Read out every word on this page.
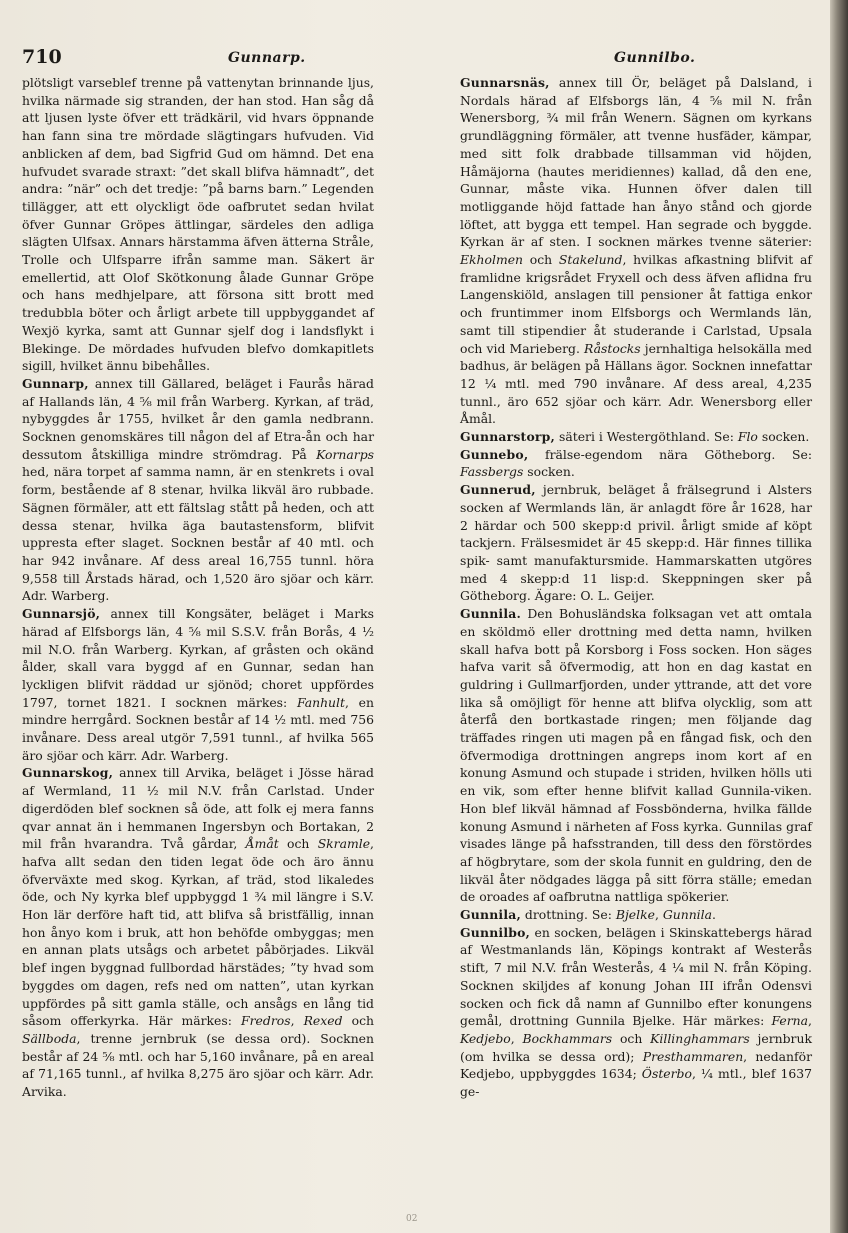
710	Gunnarp.	Gunnilbo.

plötsligt varseblef trenne på vattenytan brinnande ljus, hvilka närmade sig stranden, der han stod. Han såg då att ljusen lyste öfver ett trädkäril, vid hvars öppnande han fann sina tre mördade slägtingars hufvuden. Vid anblicken af dem, bad Sigfrid Gud om hämnd. Det ena hufvudet svarade straxt: ”det skall blifva hämnadt”, det andra: ”när” och det tredje: ”på barns barn.” Legenden tillägger, att ett olyckligt öde oafbrutet sedan hvilat öfver Gunnar Gröpes ättlingar, särdeles den adliga slägten Ulfsax. Annars härstamma äfven ätterna Stråle, Trolle och Ulfsparre ifrån samme man. Säkert är emellertid, att Olof Skötkonung ålade Gunnar Gröpe och hans medhjelpare, att försona sitt brott med tredubbla böter och årligt arbete till uppbyggandet af Wexjö kyrka, samt att Gunnar sjelf dog i landsflykt i Blekinge. De mördades hufvuden blefvo domkapitlets sigill, hvilket ännu bibehålles.

Gunnarp, annex till Gällared, beläget i Faurås härad af Hallands län, 4 ⅝ mil från Warberg. Kyrkan, af träd, nybyggdes år 1755, hvilket år den gamla nedbrann. Socknen genomskäres till någon del af Etra-ån och har dessutom åtskilliga mindre strömdrag. På Kornarps hed, nära torpet af samma namn, är en stenkrets i oval form, bestående af 8 stenar, hvilka likväl äro rubbade. Sägnen förmäler, att ett fältslag stått på heden, och att dessa stenar, hvilka äga bautastensform, blifvit uppresta efter slaget. Socknen består af 40 mtl. och har 942 invånare. Af dess areal 16,755 tunnl. höra 9,558 till Årstads härad, och 1,520 äro sjöar och kärr. Adr. Warberg.

Gunnarsjö, annex till Kongsäter, beläget i Marks härad af Elfsborgs län, 4 ⅝ mil S.S.V. från Borås, 4 ½ mil N.O. från Warberg. Kyrkan, af gråsten och okänd ålder, skall vara byggd af en Gunnar, sedan han lyckligen blifvit räddad ur sjönöd; choret uppfördes 1797, tornet 1821. I socknen märkes: Fanhult, en mindre herrgård. Socknen består af 14 ½ mtl. med 756 invånare. Dess areal utgör 7,591 tunnl., af hvilka 565 äro sjöar och kärr. Adr. Warberg.

Gunnarskog, annex till Arvika, beläget i Jösse härad af Wermland, 11 ½ mil N.V. från Carlstad. Under digerdöden blef socknen så öde, att folk ej mera fanns qvar annat än i hemmanen Ingersbyn och Bortakan, 2 mil från hvarandra. Två gårdar, Åmåt och Skramle, hafva allt sedan den tiden legat öde och äro ännu öfverväxte med skog. Kyrkan, af träd, stod likaledes öde, och Ny kyrka blef uppbyggd 1 ¾ mil längre i S.V. Hon lär derföre haft tid, att blifva så bristfällig, innan hon ånyo kom i bruk, att hon behöfde ombyggas; men en annan plats utsågs och arbetet påbörjades. Likväl blef ingen byggnad fullbordad härstädes; ”ty hvad som byggdes om dagen, refs ned om natten”, utan kyrkan uppfördes på sitt gamla ställe, och ansågs en lång tid såsom offerkyrka. Här märkes: Fredros, Rexed och Sällboda, trenne jernbruk (se dessa ord). Socknen består af 24 ⅝ mtl. och har 5,160 invånare, på en areal af 71,165 tunnl., af hvilka 8,275 äro sjöar och kärr. Adr. Arvika.

Gunnarsnäs, annex till Ör, beläget på Dalsland, i Nordals härad af Elfsborgs län, 4 ⅝ mil N. från Wenersborg, ¾ mil från Wenern. Sägnen om kyrkans grundläggning förmäler, att tvenne husfäder, kämpar, med sitt folk drabbade tillsamman vid höjden, Håmäjorna (hautes meridiennes) kallad, då den ene, Gunnar, måste vika. Hunnen öfver dalen till motliggande höjd fattade han ånyo stånd och gjorde löftet, att bygga ett tempel. Han segrade och byggde. Kyrkan är af sten. I socknen märkes tvenne säterier: Ekholmen och Stakelund, hvilkas afkastning blifvit af framlidne krigsrådet Fryxell och dess äfven aflidna fru Langenskiöld, anslagen till pensioner åt fattiga enkor och fruntimmer inom Elfsborgs och Wermlands län, samt till stipendier åt studerande i Carlstad, Upsala och vid Marieberg. Råstocks jernhaltiga helsokälla med badhus, är belägen på Hällans ägor. Socknen innefattar 12 ¼ mtl. med 790 invånare. Af dess areal, 4,235 tunnl., äro 652 sjöar och kärr. Adr. Wenersborg eller Åmål.

Gunnarstorp, säteri i Westergöthland. Se: Flo socken.

Gunnebo, frälse-egendom nära Götheborg. Se: Fassbergs socken.

Gunnerud, jernbruk, beläget å frälsegrund i Alsters socken af Wermlands län, är anlagdt före år 1628, har 2 härdar och 500 skepp:d privil. årligt smide af köpt tackjern. Frälsesmidet är 45 skepp:d. Här finnes tillika spik- samt manufaktursmide. Hammarskatten utgöres med 4 skepp:d 11 lisp:d. Skeppningen sker på Götheborg. Ägare: O. L. Geijer.

Gunnila. Den Bohusländska folksagan vet att omtala en sköldmö eller drottning med detta namn, hvilken skall hafva bott på Korsborg i Foss socken. Hon säges hafva varit så öfvermodig, att hon en dag kastat en guldring i Gullmarfjorden, under yttrande, att det vore lika så omöjligt för henne att blifva olycklig, som att återfå den bortkastade ringen; men följande dag träffades ringen uti magen på en fångad fisk, och den öfvermodiga drottningen angreps inom kort af en konung Asmund och stupade i striden, hvilken hölls uti en vik, som efter henne blifvit kallad Gunnila-viken. Hon blef likväl hämnad af Fossbönderna, hvilka fällde konung Asmund i närheten af Foss kyrka. Gunnilas graf visades länge på hafsstranden, till dess den förstördes af högbrytare, som der skola funnit en guldring, den de likväl åter nödgades lägga på sitt förra ställe; emedan de oroades af oafbrutna nattliga spökerier.

Gunnila, drottning. Se: Bjelke, Gunnila.

Gunnilbo, en socken, belägen i Skinskattebergs härad af Westmanlands län, Köpings kontrakt af Westerås stift, 7 mil N.V. från Westerås, 4 ¼ mil N. från Köping. Socknen skiljdes af konung Johan III ifrån Odensvi socken och fick då namn af Gunnilbo efter konungens gemål, drottning Gunnila Bjelke. Här märkes: Ferna, Kedjebo, Bockhammars och Killinghammars jernbruk (om hvilka se dessa ord); Presthammaren, nedanför Kedjebo, uppbyggdes 1634; Österbo, ¼ mtl., blef 1637 ge-

02
